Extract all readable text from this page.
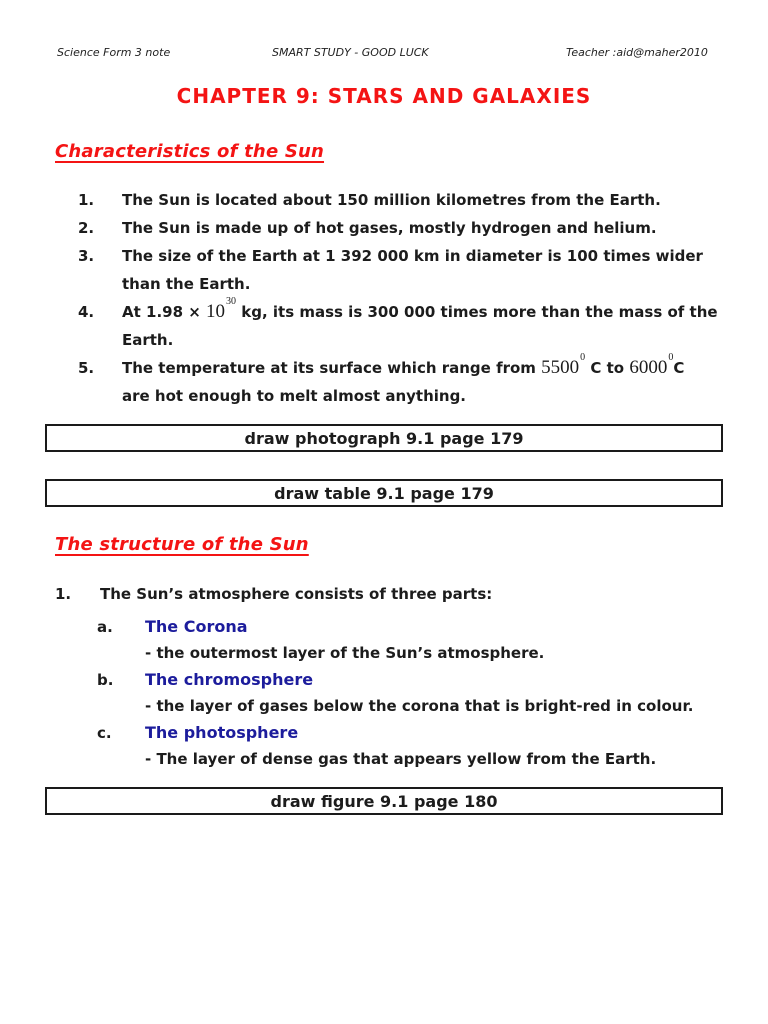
Science Form 3 note	SMART STUDY - GOOD LUCK	Teacher :aid@maher2010
CHAPTER 9: STARS AND GALAXIES
Characteristics of the Sun
1.	The Sun is located about 150 million kilometres from the Earth.
2.	The Sun is made up of hot gases, mostly hydrogen and helium.
3.	The size of the Earth at 1 392 000 km in diameter is 100 times wider
than the Earth.
4.	At $1.98 \times 10^{30}$ kg, its mass is 300 000 times more than the mass of the
Earth.
5.	The temperature at its surface which range from 5500$^0$ C to 6000$^0$C
are hot enough to melt almost anything.
draw photograph 9.1 page 179
draw table 9.1 page 179
The structure of the Sun
1.	The Sun’s atmosphere consists of three parts:
a.	The Corona
- the outermost layer of the Sun’s atmosphere.
b.	The chromosphere
- the layer of gases below the corona that is bright-red in colour.
c.	The photosphere
- The layer of dense gas that appears yellow from the Earth.
draw figure 9.1 page 180
